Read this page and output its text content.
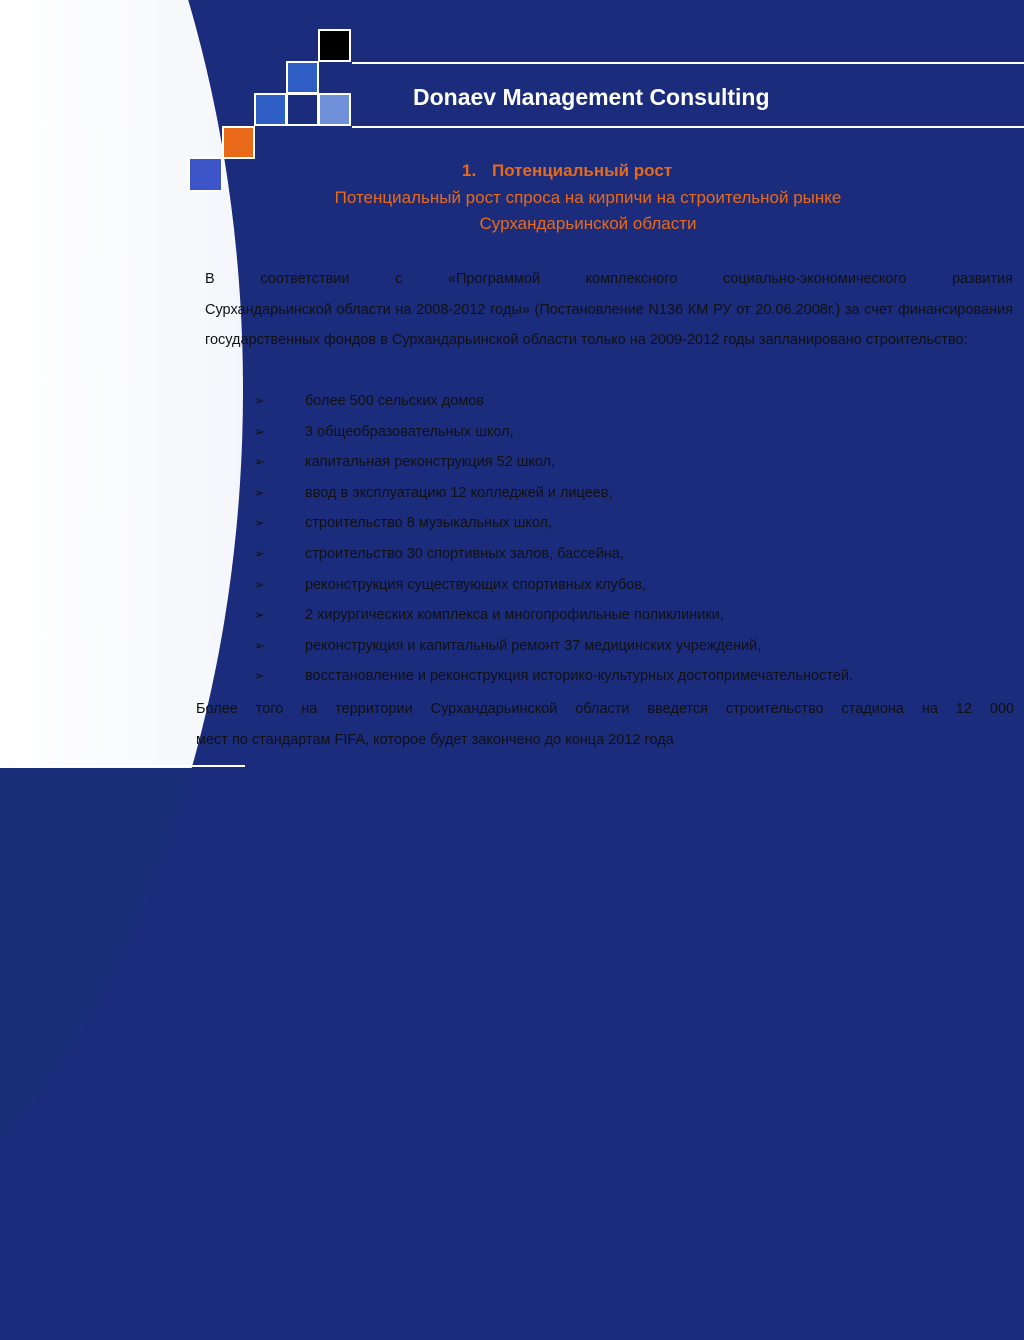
Donaev Management Consulting
1. Потенциальный рост
Потенциальный рост спроса на кирпичи на строительной рынке
Сурхандарьинской области
В соответствии с «Программой комплексного социально-экономического развития
Сурхандарьинской области на 2008-2012 годы» (Постановление N136 КМ РУ от 20.06.2008г.) за счет финансирования государственных фондов в Сурхандарьинской области только на 2009-2012 годы запланировано строительство:
➢	более 500 сельских домов
➢	3 общеобразовательных школ,
➢	капитальная реконструкция 52 школ,
➢	ввод в эксплуатацию 12 колледжей и лицеев,
➢	строительство 8 музыкальных школ,
➢	строительство 30 спортивных залов, бассейна,
➢	реконструкция существующих спортивных клубов,
➢	2 хирургических комплекса и многопрофильные поликлиники,
➢	реконструкция и капитальный ремонт 37 медицинских учреждений,
➢	восстановление и реконструкция историко-культурных достопримечательностей.
Более того на территории Сурхандарьинской области введется строительство стадиона на 12 000
мест по стандартам FIFA, которое будет закончено до конца 2012 года
